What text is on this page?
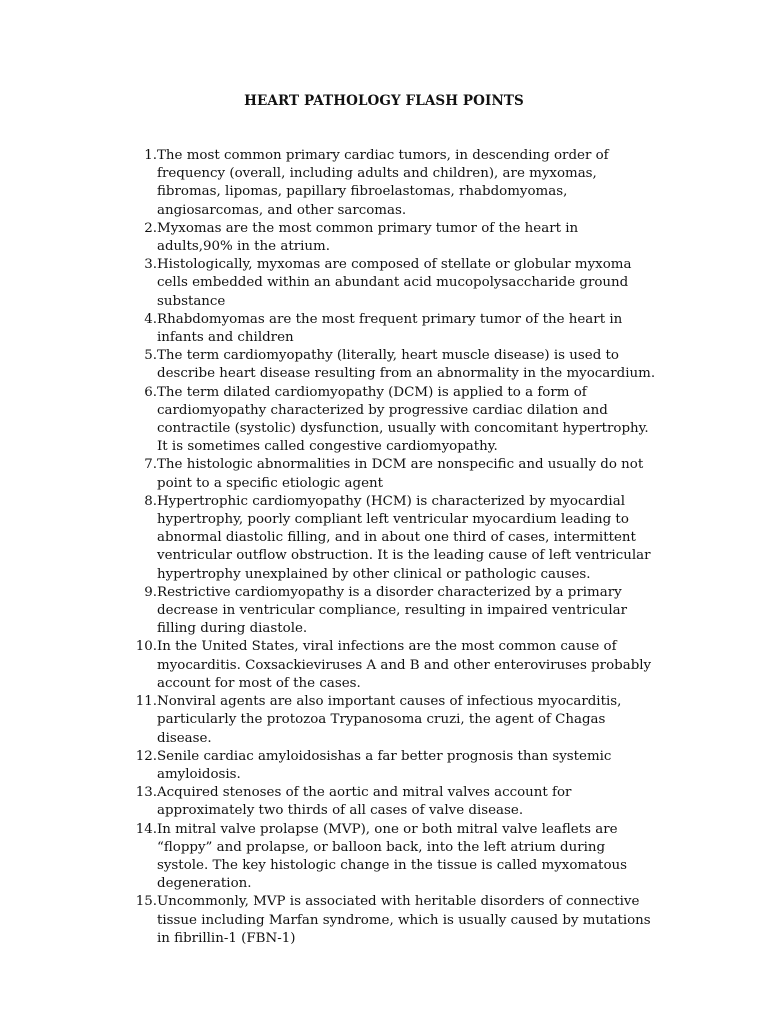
HEART PATHOLOGY FLASH POINTS
1. The most common primary cardiac tumors, in descending order of frequency (overall, including adults and children), are myxomas, fibromas, lipomas, papillary fibroelastomas, rhabdomyomas, angiosarcomas, and other sarcomas.
2. Myxomas are the most common primary tumor of the heart in adults,90% in the atrium.
3. Histologically, myxomas are composed of stellate or globular myxoma cells embedded within an abundant acid mucopolysaccharide ground substance
4. Rhabdomyomas are the most frequent primary tumor of the heart in infants and children
5. The term cardiomyopathy (literally, heart muscle disease) is used to describe heart disease resulting from an abnormality in the myocardium.
6. The term dilated cardiomyopathy (DCM) is applied to a form of cardiomyopathy characterized by progressive cardiac dilation and contractile (systolic) dysfunction, usually with concomitant hypertrophy. It is sometimes called congestive cardiomyopathy.
7. The histologic abnormalities in DCM are nonspecific and usually do not point to a specific etiologic agent
8. Hypertrophic cardiomyopathy (HCM) is characterized by myocardial hypertrophy, poorly compliant left ventricular myocardium leading to abnormal diastolic filling, and in about one third of cases, intermittent ventricular outflow obstruction. It is the leading cause of left ventricular hypertrophy unexplained by other clinical or pathologic causes.
9. Restrictive cardiomyopathy is a disorder characterized by a primary decrease in ventricular compliance, resulting in impaired ventricular filling during diastole.
10. In the United States, viral infections are the most common cause of myocarditis. Coxsackieviruses A and B and other enteroviruses probably account for most of the cases.
11. Nonviral agents are also important causes of infectious myocarditis, particularly the protozoa Trypanosoma cruzi, the agent of Chagas disease.
12. Senile cardiac amyloidosishas a far better prognosis than systemic amyloidosis.
13. Acquired stenoses of the aortic and mitral valves account for approximately two thirds of all cases of valve disease.
14. In mitral valve prolapse (MVP), one or both mitral valve leaflets are “floppy” and prolapse, or balloon back, into the left atrium during systole. The key histologic change in the tissue is called myxomatous degeneration.
15. Uncommonly, MVP is associated with heritable disorders of connective tissue including Marfan syndrome, which is usually caused by mutations in fibrillin-1 (FBN-1)
